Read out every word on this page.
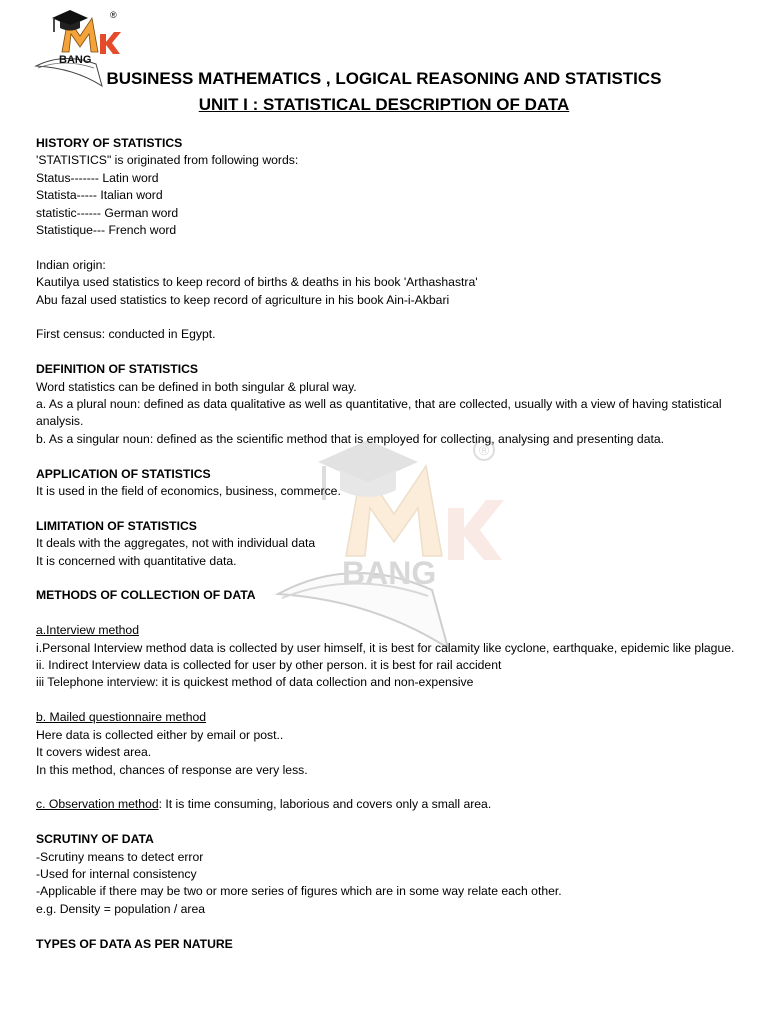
®
BANG
®
BANG
BUSINESS MATHEMATICS , LOGICAL REASONING AND STATISTICS
UNIT I : STATISTICAL DESCRIPTION OF DATA

HISTORY OF STATISTICS

'STATISTICS" is originated from following words:

Status------- Latin word

Statista----- Italian word

statistic------ German word

Statistique--- French word

Indian origin:

Kautilya used statistics to keep record of births & deaths in his book 'Arthashastra'

Abu fazal used statistics to keep record of agriculture in his book Ain-i-Akbari

First census: conducted in Egypt.

DEFINITION OF STATISTICS

Word statistics can be defined in both singular & plural way.

a. As a plural noun: defined as data qualitative as well as quantitative, that are collected, usually with a view of having statistical analysis.

b. As a singular noun: defined as the scientific method that is employed for collecting, analysing and presenting data.

APPLICATION OF STATISTICS

It is used in the field of economics, business, commerce.

LIMITATION OF STATISTICS

It deals with the aggregates, not with individual data

It is concerned with quantitative data.

METHODS OF COLLECTION OF DATA

a.Interview method

i.Personal Interview method data is collected by user himself, it is best for calamity like cyclone, earthquake, epidemic like plague.

ii. Indirect Interview data is collected for user by other person. it is best for rail accident

iii Telephone interview: it is quickest method of data collection and non-expensive

b. Mailed questionnaire method

Here data is collected either by email or post..

It covers widest area.

In this method, chances of response are very less.

c. Observation method: It is time consuming, laborious and covers only a small area.

SCRUTINY OF DATA

-Scrutiny means to detect error

-Used for internal consistency

-Applicable if there may be two or more series of figures which are in some way relate each other.

e.g. Density = population / area

TYPES OF DATA AS PER NATURE
